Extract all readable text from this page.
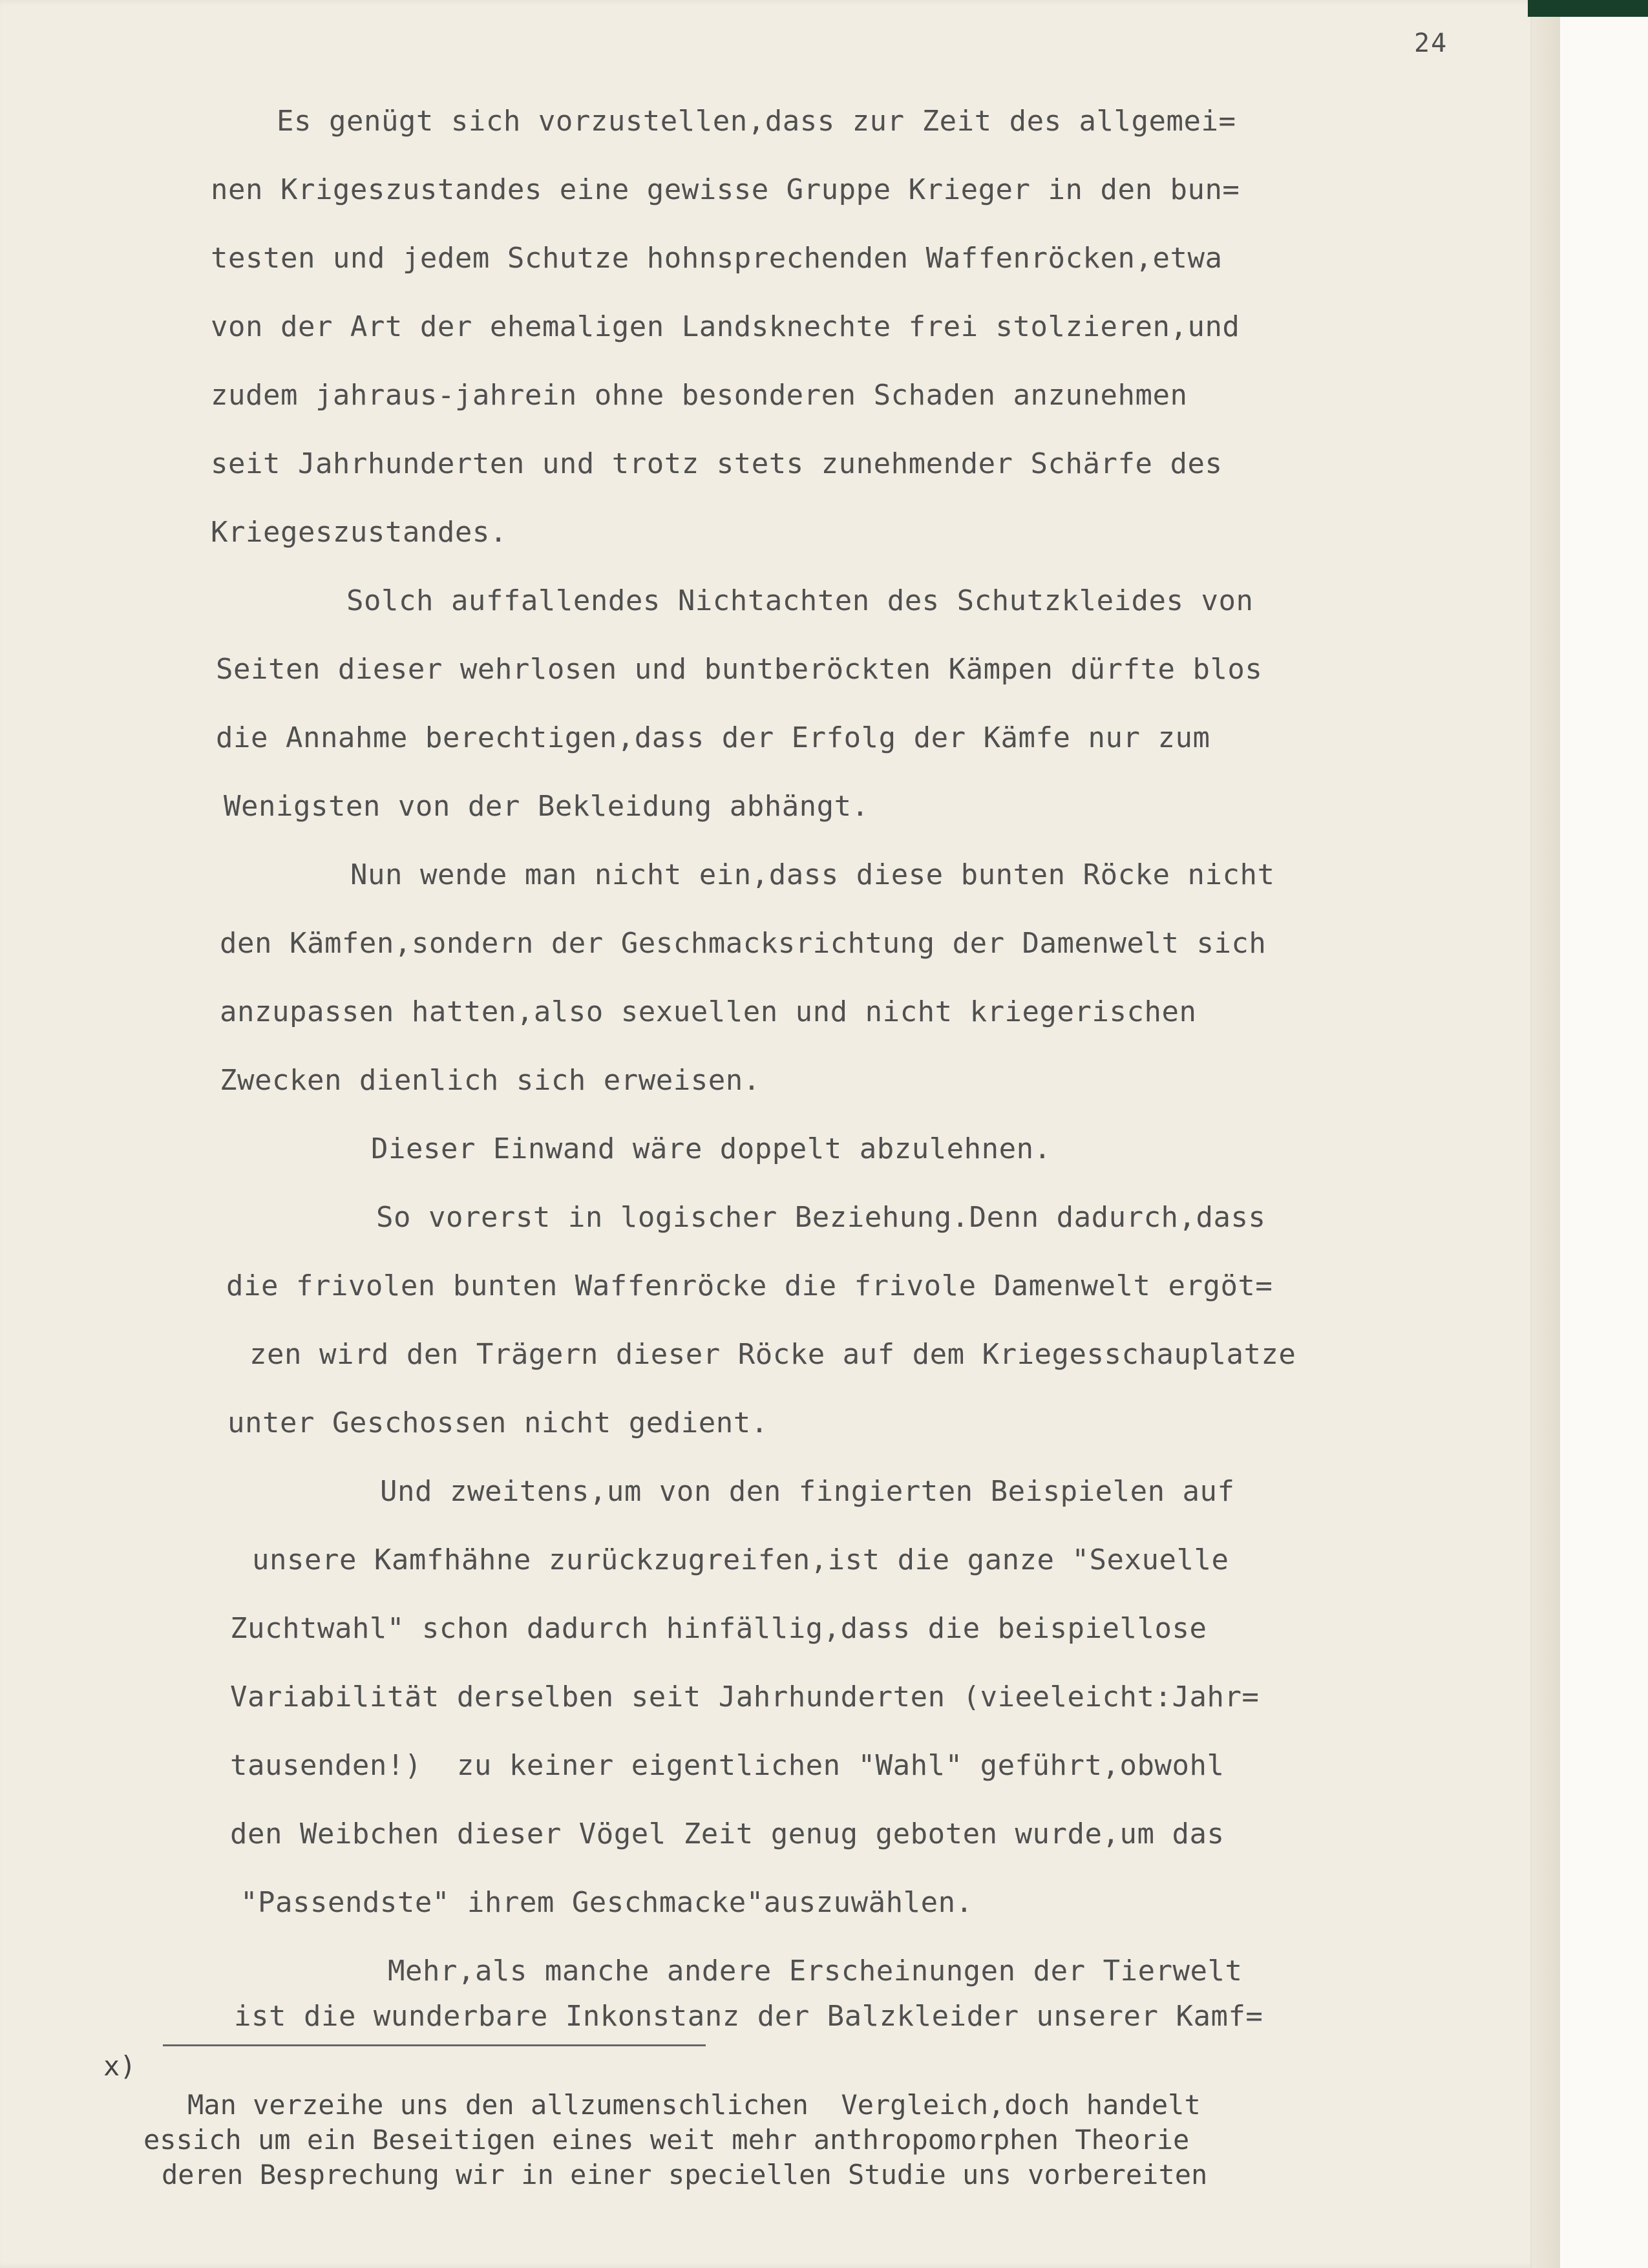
24
Es genügt sich vorzustellen,dass zur Zeit des allgemei=
nen Krigeszustandes eine gewisse Gruppe Krieger in den bun=
testen und jedem Schutze hohnsprechenden Waffenröcken,etwa
von der Art der ehemaligen Landsknechte frei stolzieren,und
zudem jahraus-jahrein ohne besonderen Schaden anzunehmen
seit Jahrhunderten und trotz stets zunehmender Schärfe des
Kriegeszustandes.
Solch auffallendes Nichtachten des Schutzkleides von
Seiten dieser wehrlosen und buntberöckten Kämpen dürfte blos
die Annahme berechtigen,dass der Erfolg der Kämfe nur zum
Wenigsten von der Bekleidung abhängt.
Nun wende man nicht ein,dass diese bunten Röcke nicht
den Kämfen,sondern der Geschmacksrichtung der Damenwelt sich
anzupassen hatten,also sexuellen und nicht kriegerischen
Zwecken dienlich sich erweisen.
Dieser Einwand wäre doppelt abzulehnen.
So vorerst in logischer Beziehung.Denn dadurch,dass
die frivolen bunten Waffenröcke die frivole Damenwelt ergöt=
zen wird den Trägern dieser Röcke auf dem Kriegesschauplatze
unter Geschossen nicht gedient.
Und zweitens,um von den fingierten Beispielen auf
unsere Kamfhähne zurückzugreifen,ist die ganze "Sexuelle
Zuchtwahl" schon dadurch hinfällig,dass die beispiellose
Variabilität derselben seit Jahrhunderten (vieeleicht:Jahr=
tausenden!)  zu keiner eigentlichen "Wahl" geführt,obwohl
den Weibchen dieser Vögel Zeit genug geboten wurde,um das
"Passendste" ihrem Geschmacke"auszuwählen.
Mehr,als manche andere Erscheinungen der Tierwelt
ist die wunderbare Inkonstanz der Balzkleider unserer Kamf=
x)
Man verzeihe uns den allzumenschlichen  Vergleich,doch handelt
essich um ein Beseitigen eines weit mehr anthropomorphen Theorie
deren Besprechung wir in einer speciellen Studie uns vorbereiten
